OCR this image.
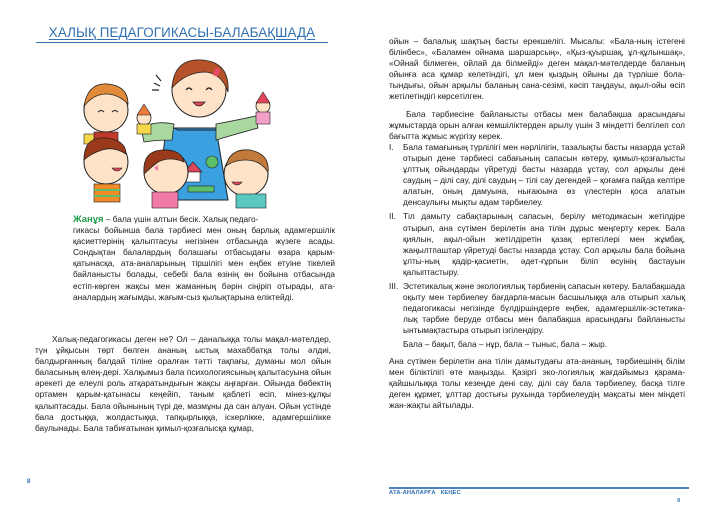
ХАЛЫҚ ПЕДАГОГИКАСЫ-БАЛАБАҚШАДА

Жанұя – бала үшін алтын бесік. Халық педаго-

гикасы бойынша бала тәрбиесі мен оның барлық адамгершілік қасиеттерінің қалыптасуы негізінен отбасында жүзеге асады. Сондықтан балалардың болашағы отбасыдағы өзара қарым-қатынасқа, ата-аналарының тіршілігі мен еңбек етуіне тікелей байланысты болады, себебі бала өзінің өн бойына отбасында естіп-көрген жақсы мен жаманның бәрін сіңіріп отырады, ата-аналардың жағымды, жағым-сыз қылықтарына еліктейді.

Халық-педагогикасы деген не? Ол – даналыққа толы мақал-мәтелдер, түн ұйқысын төрт бөлген ананың ыстық махаббатқа толы әлдиі, балдырғанның балдай тіліне оралған тәтті тақпағы, думаны мол ойын баласының өлең-дері. Халқымыз бала психологиясының қалытасуына ойын әрекеті де елеулі роль атқаратындығын жақсы аңғарған. Ойында бөбектің ортамен қарым-қатынасы кеңейіп, таным қаблеті өсіп, мінез-құлқы қалыптасады. Бала ойынының түрі де, мазмұны да сан алуан. Ойын үстінде бала достыққа, жолдастыққа, тапқырлыққа, іскерлікке, адамгершілікке баулынады. Бала табиғатынан қимыл-қозғалысқа құмар,

8

ойын – балалық шақтың басты ерекшелігі. Мысалы: «Бала-ның істегені білінбес», «Баламен ойнама шаршарсың», «Қыз-қуыршақ, ұл-құлыншақ», «Ойнай білмеген, ойлай да білмейді» деген мақал-мәтелдерде баланың ойынға аса құмар келетіндігі, ұл мен қыздың ойыны да түрліше бола-тындығы, ойын арқылы баланың сана-сезімі, кәсіп таңдауы, ақыл-ойы өсіп жетілетіндігі көрсетілген.

Бала тәрбиесіне байланысты отбасы мен балабақша арасындағы жұмыстарда орын алған кемшіліктерден арылу үшін 3 міндетті белгілеп сол бағытта жұмыс жүргізу керек.

I.	Бала тамағының түрлілігі мен нәрлілігін, тазалықты басты назарда ұстай отырып дене тәрбиесі сабағының сапасын көтеру, қимыл-қозғалысты ұлттық ойындарды үйретуді басты назарда ұстау, сол арқылы дені саудың – ділі сау, ділі саудың – тілі сау дегендей – қоғамға пайда келтіре алатын, оның дамуына, нығаюына өз үлестерін қоса алатын денсаулығы мықты адам тәрбиелеу.
II. Тіл дамыту сабақтарының сапасын, берілу методикасын жетілдіре отырып, ана сүтімен берілетін ана тілін дұрыс меңгерту керек. Бала қиялын, ақыл-ойын жетілдіретін қазақ ертегілері мен жұмбақ, жаңылтпаштар үйретуді басты назарда ұстау. Сол арқылы бала бойына ұлты-ның қадір-қасиетін, әдет-ғұрпын біліп өсуінің бастауын қалыптастыру.
III. Эстетикалық және экологиялық тәрбиенің сапасын көтеру. Балабақшада оқыту мен тәрбиелеу бағдарла-масын басшылыққа ала отырып халық педагогикасы негізінде бүлдіршіндерге еңбек, адамгершілік-эстетика-лық тәрбие беруде отбасы мен балабақша арасындағы байланысты ынтымақтастыра отырып ізгілендіру.

Бала – бақыт, бала – нұр, бала – тыныс, бала – жыр.

Ана сүтімен берілетін ана тілін дамытудағы ата-ананың, тәрбиешінің білім мен біліктілігі өте маңызды. Қазіргі эко-логиялық жағдайымыз қарама-қайшылыққа толы кезеңде дені сау, ділі сау бала тәрбиелеу, басқа тілге деген құрмет, ұлттар достығы рухында тәрбиелеудің мақсаты мен міндеті жан-жақты айтылады.

АТА-АНАЛАРҒА   КЕҢЕС
9
